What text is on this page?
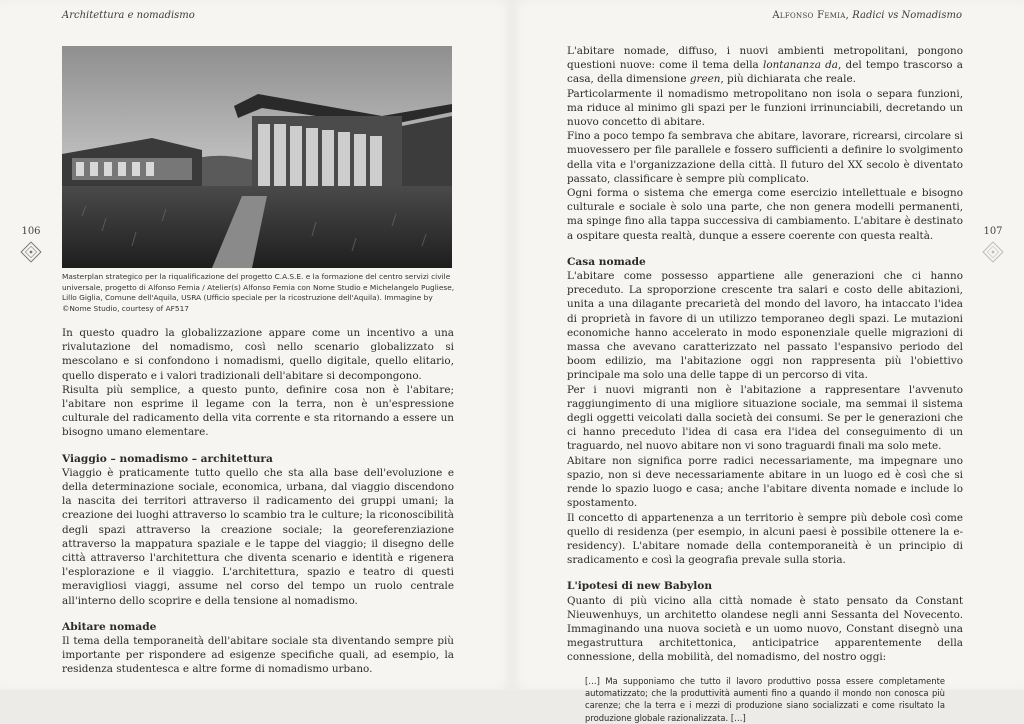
Architettura e nomadismo
Masterplan strategico per la riqualificazione del progetto C.A.S.E. e la formazione del centro servizi civile universale, progetto di Alfonso Femia / Atelier(s) Alfonso Femia con Nome Studio e Michelangelo Pugliese, Lillo Giglia, Comune dell'Aquila, USRA (Ufficio speciale per la ricostruzione dell'Aquila). Immagine by ©Nome Studio, courtesy of AF517
106

In questo quadro la globalizzazione appare come un incentivo a una rivalutazione del nomadismo, così nello scenario globalizzato si mescolano e si confondono i nomadismi, quello digitale, quello elitario, quello disperato e i valori tradizionali dell'abitare si decompongono.

Risulta più semplice, a questo punto, definire cosa non è l'abitare; l'abitare non esprime il legame con la terra, non è un'espressione culturale del radicamento della vita corrente e sta ritornando a essere un bisogno umano elementare.

Viaggio – nomadismo – architettura

Viaggio è praticamente tutto quello che sta alla base dell'evoluzione e della determinazione sociale, economica, urbana, dal viaggio discendono la nascita dei territori attraverso il radicamento dei gruppi umani; la creazione dei luoghi attraverso lo scambio tra le culture; la riconoscibilità degli spazi attraverso la creazione sociale; la georeferenziazione attraverso la mappatura spaziale e le tappe del viaggio; il disegno delle città attraverso l'architettura che diventa scenario e identità e rigenera l'esplorazione e il viaggio. L'architettura, spazio e teatro di questi meravigliosi viaggi, assume nel corso del tempo un ruolo centrale all'interno dello scoprire e della tensione al nomadismo.

Abitare nomade

Il tema della temporaneità dell'abitare sociale sta diventando sempre più importante per rispondere ad esigenze specifiche quali, ad esempio, la residenza studentesca e altre forme di nomadismo urbano.

Alfonso Femia, Radici vs Nomadismo
107

L'abitare nomade, diffuso, i nuovi ambienti metropolitani, pongono questioni nuove: come il tema della lontananza da, del tempo trascorso a casa, della dimensione green, più dichiarata che reale.

Particolarmente il nomadismo metropolitano non isola o separa funzioni, ma riduce al minimo gli spazi per le funzioni irrinunciabili, decretando un nuovo concetto di abitare.

Fino a poco tempo fa sembrava che abitare, lavorare, ricrearsi, circolare si muovessero per file parallele e fossero sufficienti a definire lo svolgimento della vita e l'organizzazione della città. Il futuro del XX secolo è diventato passato, classificare è sempre più complicato.

Ogni forma o sistema che emerga come esercizio intellettuale e bisogno culturale e sociale è solo una parte, che non genera modelli permanenti, ma spinge fino alla tappa successiva di cambiamento. L'abitare è destinato a ospitare questa realtà, dunque a essere coerente con questa realtà.

Casa nomade

L'abitare come possesso appartiene alle generazioni che ci hanno preceduto. La sproporzione crescente tra salari e costo delle abitazioni, unita a una dilagante precarietà del mondo del lavoro, ha intaccato l'idea di proprietà in favore di un utilizzo temporaneo degli spazi. Le mutazioni economiche hanno accelerato in modo esponenziale quelle migrazioni di massa che avevano caratterizzato nel passato l'espansivo periodo del boom edilizio, ma l'abitazione oggi non rappresenta più l'obiettivo principale ma solo una delle tappe di un percorso di vita.

Per i nuovi migranti non è l'abitazione a rappresentare l'avvenuto raggiungimento di una migliore situazione sociale, ma semmai il sistema degli oggetti veicolati dalla società dei consumi. Se per le generazioni che ci hanno preceduto l'idea di casa era l'idea del conseguimento di un traguardo, nel nuovo abitare non vi sono traguardi finali ma solo mete.

Abitare non significa porre radici necessariamente, ma impegnare uno spazio, non si deve necessariamente abitare in un luogo ed è così che si rende lo spazio luogo e casa; anche l'abitare diventa nomade e include lo spostamento.

Il concetto di appartenenza a un territorio è sempre più debole così come quello di residenza (per esempio, in alcuni paesi è possibile ottenere la e-residency). L'abitare nomade della contemporaneità è un principio di sradicamento e così la geografia prevale sulla storia.

L'ipotesi di new Babylon

Quanto di più vicino alla città nomade è stato pensato da Constant Nieuwenhuys, un architetto olandese negli anni Sessanta del Novecento. Immaginando una nuova società e un uomo nuovo, Constant disegnò una megastruttura architettonica, anticipatrice apparentemente della connessione, della mobilità, del nomadismo, del nostro oggi:

[…] Ma supponiamo che tutto il lavoro produttivo possa essere completamente automatizzato; che la produttività aumenti fino a quando il mondo non conosca più carenze; che la terra e i mezzi di produzione siano socializzati e come risultato la produzione globale razionalizzata. […]
